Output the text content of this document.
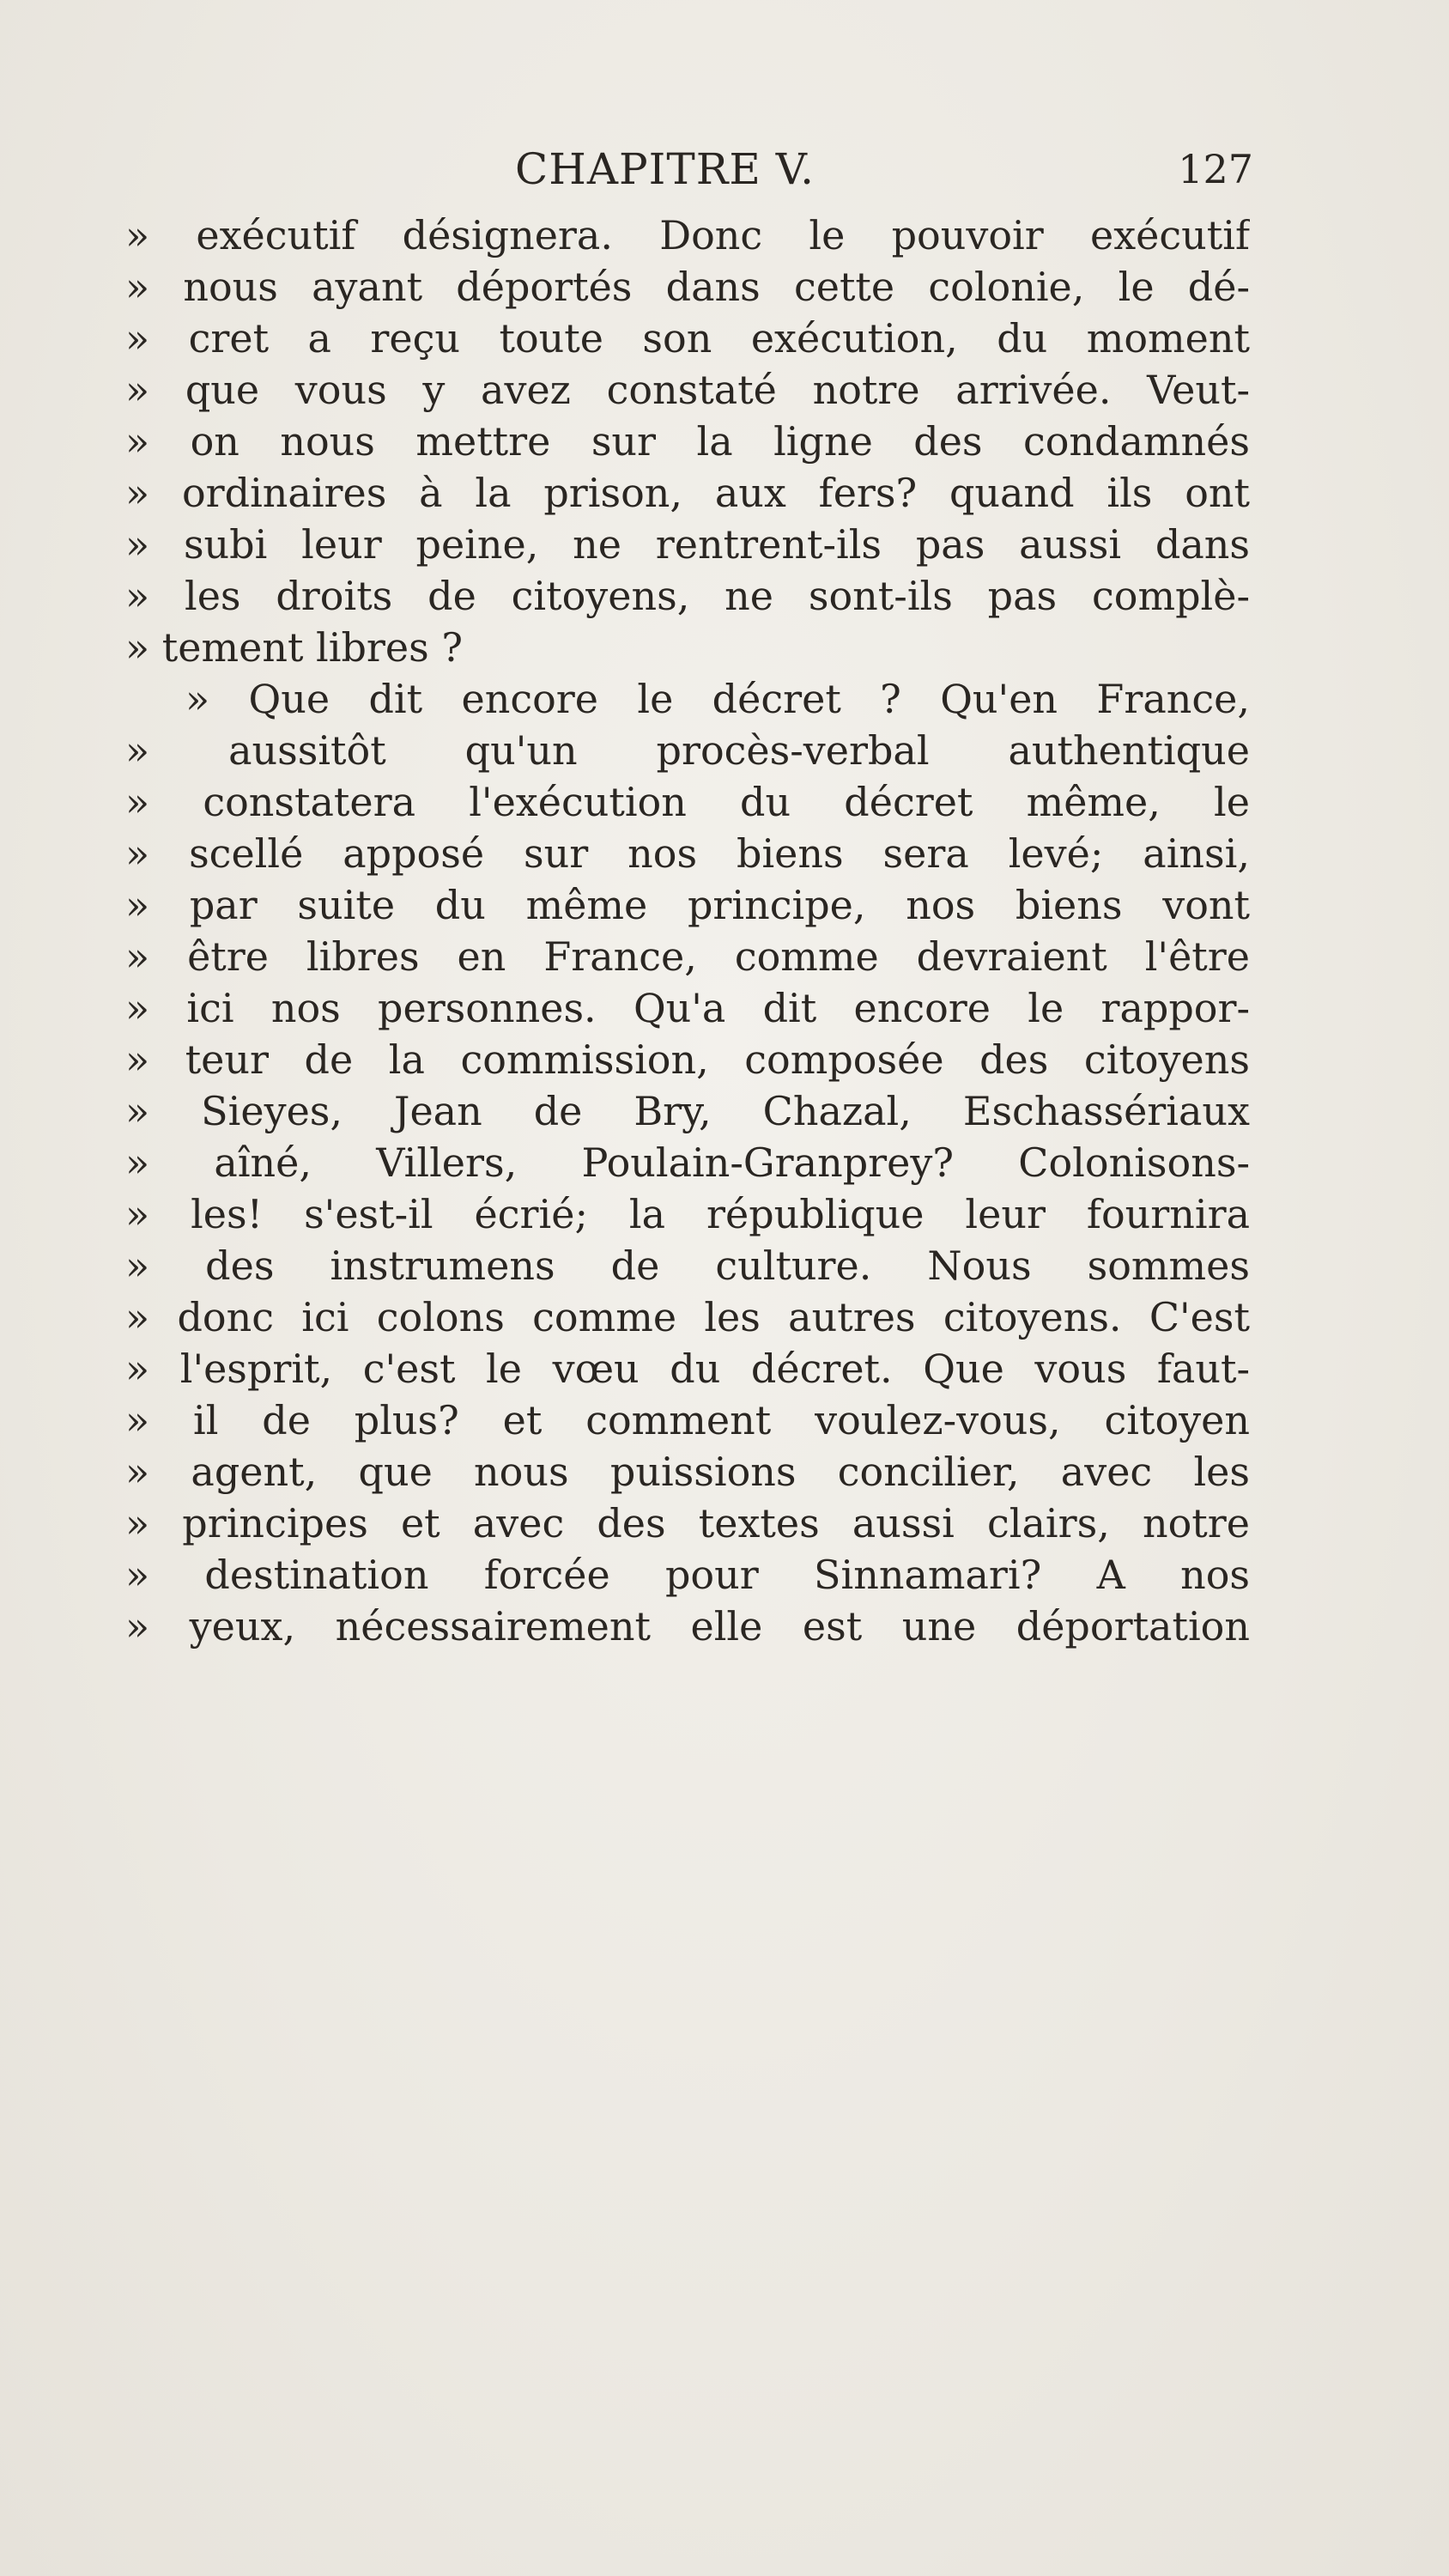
CHAPITRE V.	127
» exécutif désignera. Donc le pouvoir exécutif
» nous ayant déportés dans cette colonie, le dé-
» cret a reçu toute son exécution, du moment
» que vous y avez constaté notre arrivée. Veut-
» on nous mettre sur la ligne des condamnés
» ordinaires à la prison, aux fers? quand ils ont
» subi leur peine, ne rentrent-ils pas aussi dans
» les droits de citoyens, ne sont-ils pas complè-
» tement libres ?
» Que dit encore le décret ? Qu'en France,
» aussitôt qu'un procès-verbal authentique
» constatera l'exécution du décret même, le
» scellé apposé sur nos biens sera levé; ainsi,
» par suite du même principe, nos biens vont
» être libres en France, comme devraient l'être
» ici nos personnes. Qu'a dit encore le rappor-
» teur de la commission, composée des citoyens
» Sieyes, Jean de Bry, Chazal, Eschassériaux
» aîné, Villers, Poulain-Granprey? Colonisons-
» les! s'est-il écrié; la république leur fournira
» des instrumens de culture. Nous sommes
» donc ici colons comme les autres citoyens. C'est
» l'esprit, c'est le vœu du décret. Que vous faut-
» il de plus? et comment voulez-vous, citoyen
» agent, que nous puissions concilier, avec les
» principes et avec des textes aussi clairs, notre
» destination forcée pour Sinnamari? A nos
» yeux, nécessairement elle est une déportation
